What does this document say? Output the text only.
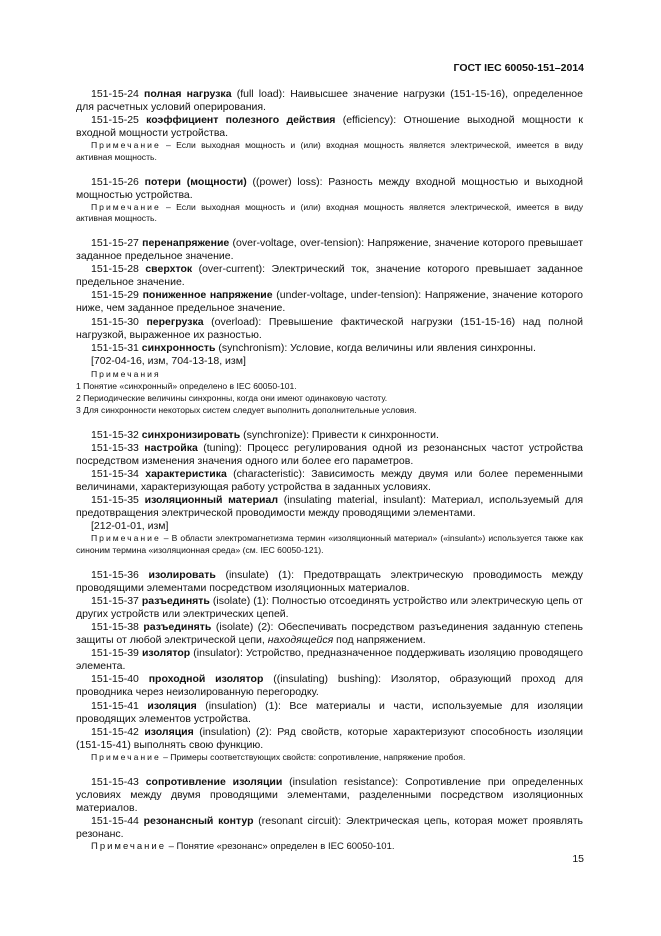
ГОСТ IEC 60050-151–2014

151-15-24 полная нагрузка (full load): Наивысшее значение нагрузки (151-15-16), определенное для расчетных условий оперирования.

151-15-25 коэффициент полезного действия (efficiency): Отношение выходной мощности к входной мощности устройства.

Примечание – Если выходная мощность и (или) входная мощность является электрической, имеется в виду активная мощность.

151-15-26 потери (мощности) ((power) loss): Разность между входной мощностью и выходной мощностью устройства.

Примечание – Если выходная мощность и (или) входная мощность является электрической, имеется в виду активная мощность.

151-15-27 перенапряжение (over-voltage, over-tension): Напряжение, значение которого превышает заданное предельное значение.

151-15-28 сверхток (over-current): Электрический ток, значение которого превышает заданное предельное значение.

151-15-29 пониженное напряжение (under-voltage, under-tension): Напряжение, значение которого ниже, чем заданное предельное значение.

151-15-30 перегрузка (overload): Превышение фактической нагрузки (151-15-16) над полной нагрузкой, выраженное их разностью.

151-15-31 синхронность (synchronism): Условие, когда величины или явления синхронны.

[702-04-16, изм, 704-13-18, изм]

Примечания

1 Понятие «синхронный» определено в IEC 60050-101.

2 Периодические величины синхронны, когда они имеют одинаковую частоту.

3 Для синхронности некоторых систем следует выполнить дополнительные условия.

151-15-32 синхронизировать (synchronize): Привести к синхронности.

151-15-33 настройка (tuning): Процесс регулирования одной из резонансных частот устройства посредством изменения значения одного или более его параметров.

151-15-34 характеристика (characteristic): Зависимость между двумя или более переменными величинами, характеризующая работу устройства в заданных условиях.

151-15-35 изоляционный материал (insulating material, insulant): Материал, используемый для предотвращения электрической проводимости между проводящими элементами.

[212-01-01, изм]

Примечание – В области электромагнетизма термин «изоляционный материал» («insulant») используется также как синоним термина «изоляционная среда» (см. IEC 60050-121).

151-15-36 изолировать (insulate) (1): Предотвращать электрическую проводимость между проводящими элементами посредством изоляционных материалов.

151-15-37 разъединять (isolate) (1): Полностью отсоединять устройство или электрическую цепь от других устройств или электрических цепей.

151-15-38 разъединять (isolate) (2): Обеспечивать посредством разъединения заданную степень защиты от любой электрической цепи, находящейся под напряжением.

151-15-39 изолятор (insulator): Устройство, предназначенное поддерживать изоляцию проводящего элемента.

151-15-40 проходной изолятор ((insulating) bushing): Изолятор, образующий проход для проводника через неизолированную перегородку.

151-15-41 изоляция (insulation) (1): Все материалы и части, используемые для изоляции проводящих элементов устройства.

151-15-42 изоляция (insulation) (2): Ряд свойств, которые характеризуют способность изоляции (151-15-41) выполнять свою функцию.

Примечание – Примеры соответствующих свойств: сопротивление, напряжение пробоя.

151-15-43 сопротивление изоляции (insulation resistance): Сопротивление при определенных условиях между двумя проводящими элементами, разделенными посредством изоляционных материалов.

151-15-44 резонансный контур (resonant circuit): Электрическая цепь, которая может проявлять резонанс.

Примечание – Понятие «резонанс» определен в IEC 60050-101.

15
